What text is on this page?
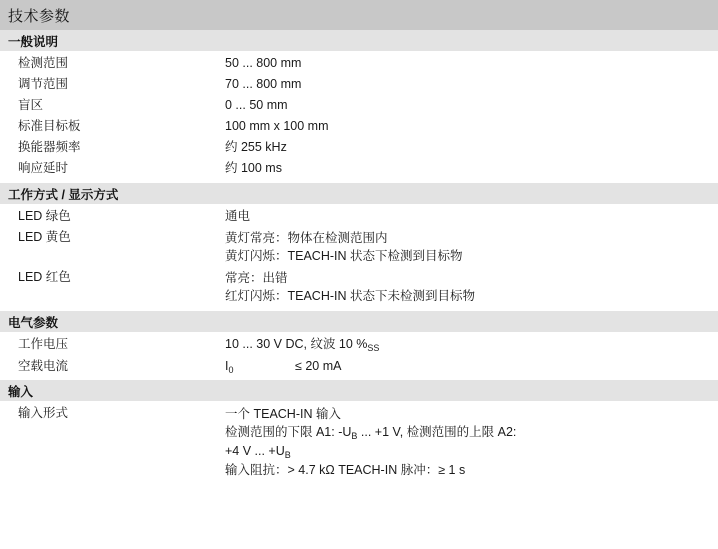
技术参数
一般说明
检测范围	50 ... 800 mm
调节范围	70 ... 800 mm
盲区	0 ... 50 mm
标准目标板	100 mm x 100 mm
换能器频率	约 255 kHz
响应延时	约 100 ms
工作方式 / 显示方式
LED 绿色	通电
LED 黄色	黄灯常亮：物体在检测范围内
黄灯闪烁：TEACH-IN 状态下检测到目标物
LED 红色	常亮：出错
红灯闪烁：TEACH-IN 状态下未检测到目标物
电气参数
工作电压	10 ... 30 V DC, 纹波 10 $\%_{SS}$
空载电流	$I_0$	≤ 20 mA
输入
输入形式	一个 TEACH-IN 输入
检测范围的下限 A1: $-U_B$ ... +1 V, 检测范围的上限 A2:
+4 V ... $+U_B$
输入阻抗：> 4.7 kΩ TEACH-IN 脉冲：≥ 1 s
